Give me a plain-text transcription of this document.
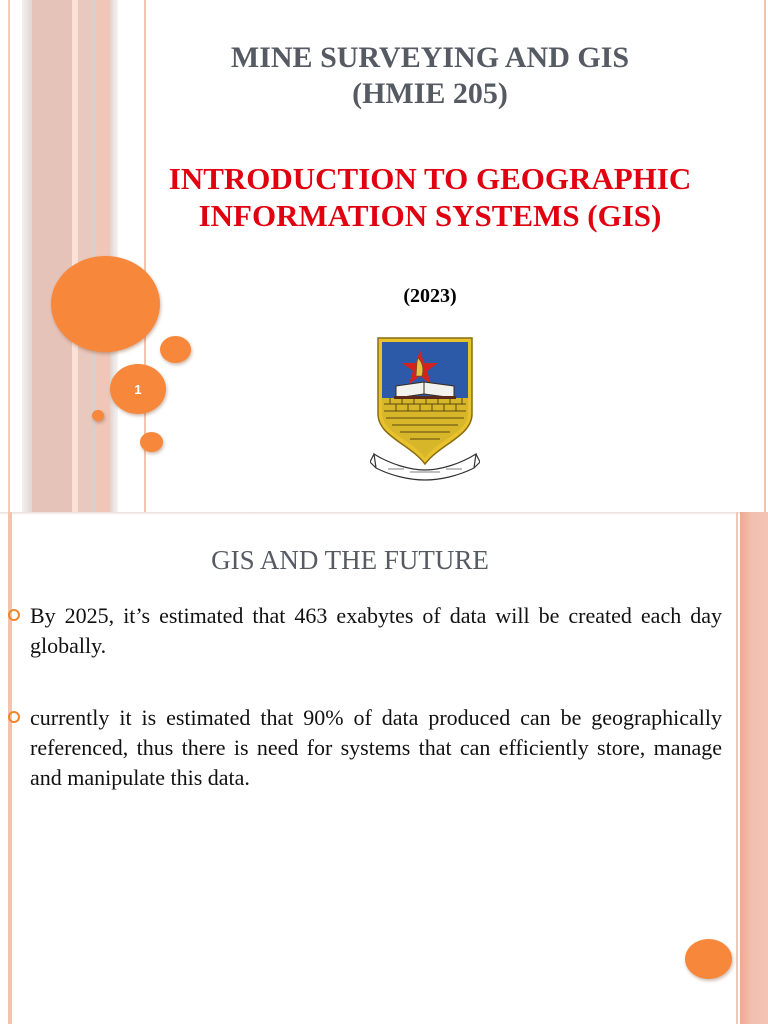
1
MINE SURVEYING AND GIS
(HMIE 205)
INTRODUCTION TO GEOGRAPHIC
INFORMATION SYSTEMS (GIS)
(2023)
GIS AND THE FUTURE
By 2025, it’s estimated that 463 exabytes of data will be created each day globally.
currently it is estimated that 90% of data produced can be geographically referenced, thus there is need for systems that can efficiently store, manage and manipulate this data.
